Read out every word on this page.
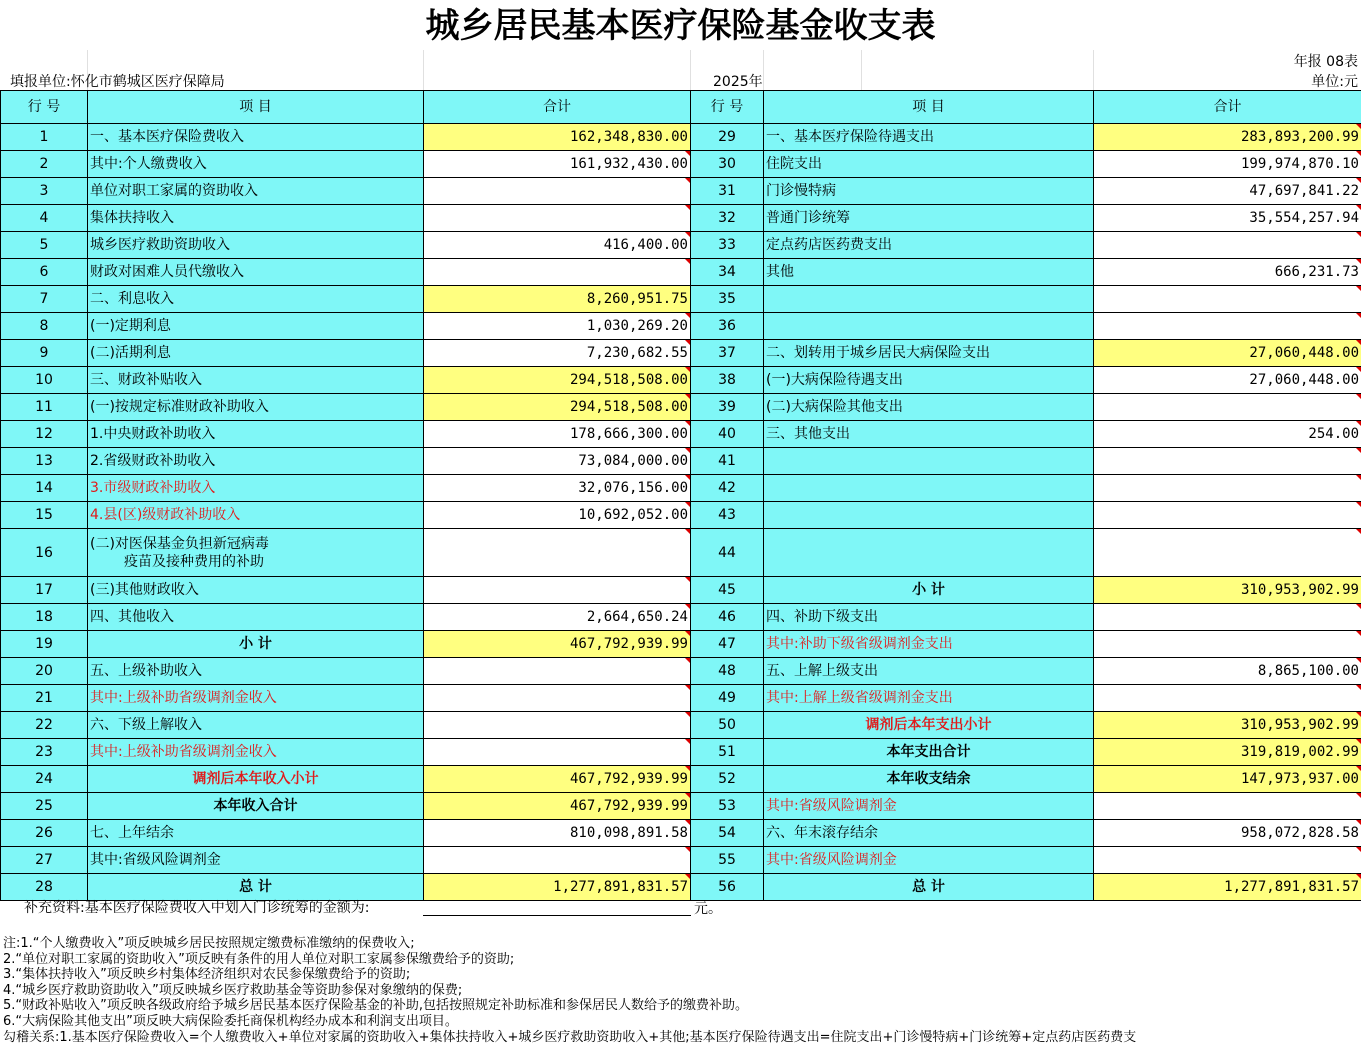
城乡居民基本医疗保险基金收支表
年报 08表
填报单位:怀化市鹤城区医疗保障局	2025年	单位:元
行 号	项 目	合计	行 号	项 目	合计
1	一、基本医疗保险费收入	162,348,830.00	29	一、基本医疗保险待遇支出	283,893,200.99
2	其中:个人缴费收入	161,932,430.00	30	住院支出	199,974,870.10
3	单位对职工家属的资助收入		31	门诊慢特病	47,697,841.22
4	集体扶持收入		32	普通门诊统筹	35,554,257.94
5	城乡医疗救助资助收入	416,400.00	33	定点药店医药费支出	
6	财政对困难人员代缴收入		34	其他	666,231.73
7	二、利息收入	8,260,951.75	35		
8	(一)定期利息	1,030,269.20	36		
9	(二)活期利息	7,230,682.55	37	二、划转用于城乡居民大病保险支出	27,060,448.00
10	三、财政补贴收入	294,518,508.00	38	(一)大病保险待遇支出	27,060,448.00
11	(一)按规定标准财政补助收入	294,518,508.00	39	(二)大病保险其他支出	
12	1.中央财政补助收入	178,666,300.00	40	三、其他支出	254.00
13	2.省级财政补助收入	73,084,000.00	41		
14	3.市级财政补助收入	32,076,156.00	42		
15	4.县(区)级财政补助收入	10,692,052.00	43		
16	(二)对医保基金负担新冠病毒
疫苗及接种费用的补助		44		
17	(三)其他财政收入		45	小 计	310,953,902.99
18	四、其他收入	2,664,650.24	46	四、补助下级支出	
19	小 计	467,792,939.99	47	其中:补助下级省级调剂金支出	
20	五、上级补助收入		48	五、上解上级支出	8,865,100.00
21	其中:上级补助省级调剂金收入		49	其中:上解上级省级调剂金支出	
22	六、下级上解收入		50	调剂后本年支出小计	310,953,902.99
23	其中:上级补助省级调剂金收入		51	本年支出合计	319,819,002.99
24	调剂后本年收入小计	467,792,939.99	52	本年收支结余	147,973,937.00
25	本年收入合计	467,792,939.99	53	其中:省级风险调剂金	
26	七、上年结余	810,098,891.58	54	六、年末滚存结余	958,072,828.58
27	其中:省级风险调剂金		55	其中:省级风险调剂金	
28	总 计	1,277,891,831.57	56	总 计	1,277,891,831.57
补充资料:基本医疗保险费收入中划入门诊统筹的金额为:	元。
注:1.“个人缴费收入”项反映城乡居民按照规定缴费标准缴纳的保费收入;
2.“单位对职工家属的资助收入”项反映有条件的用人单位对职工家属参保缴费给予的资助;
3.“集体扶持收入”项反映乡村集体经济组织对农民参保缴费给予的资助;
4.“城乡医疗救助资助收入”项反映城乡医疗救助基金等资助参保对象缴纳的保费;
5.“财政补贴收入”项反映各级政府给予城乡居民基本医疗保险基金的补助,包括按照规定补助标准和参保居民人数给予的缴费补助。
6.“大病保险其他支出”项反映大病保险委托商保机构经办成本和利润支出项目。
勾稽关系:1.基本医疗保险费收入=个人缴费收入+单位对家属的资助收入+集体扶持收入+城乡医疗救助资助收入+其他;基本医疗保险待遇支出=住院支出+门诊慢特病+门诊统筹+定点药店医药费支
